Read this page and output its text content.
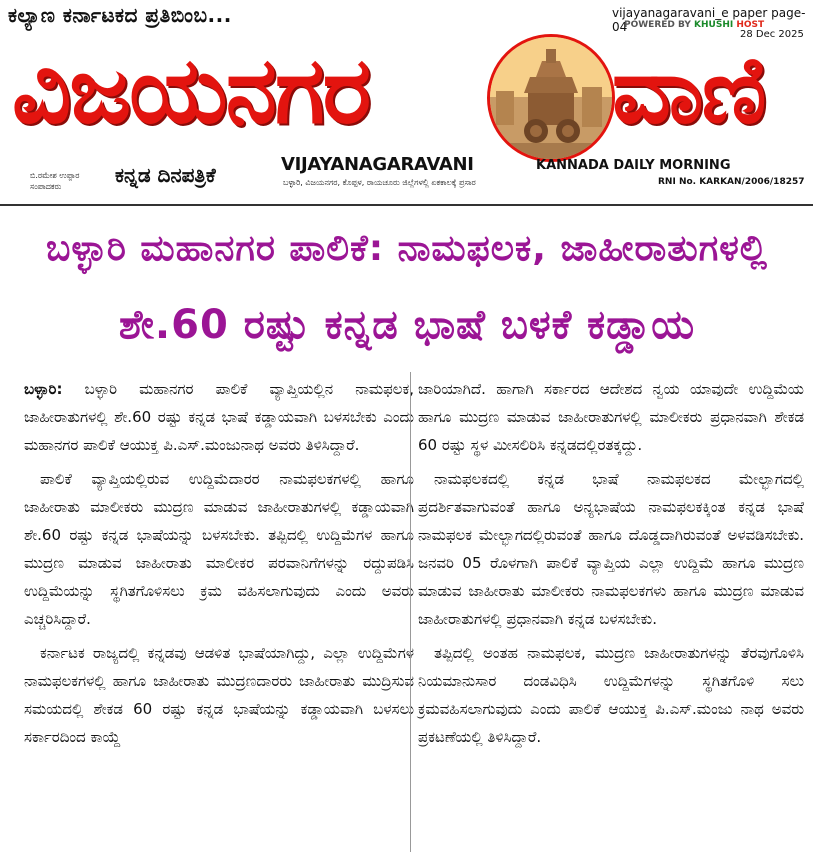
ಕಲ್ಯಾಣ ಕರ್ನಾಟಕದ ಪ್ರತಿಬಿಂಬ...	vijayanagaravani_e paper page-04
POWERED BY KHUSHI HOST
28 Dec 2025
ವಿಜಯನಗರ	ವಾಣಿ
ಬಿ.ರಮೇಶ ಉಪ್ಪಾರ
ಸಂಪಾದಕರು	ಕನ್ನಡ ದಿನಪತ್ರಿಕೆ	VIJAYANAGARAVANI	KANNADA DAILY MORNING
ಬಳ್ಳಾರಿ, ವಿಜಯನಗರ, ಕೊಪ್ಪಳ, ರಾಯಚೂರು ಜಿಲ್ಲೆಗಳಲ್ಲಿ ಏಕಕಾಲಕ್ಕೆ ಪ್ರಸಾರ	RNI No. KARKAN/2006/18257
ಬಳ್ಳಾರಿ ಮಹಾನಗರ ಪಾಲಿಕೆ: ನಾಮಫಲಕ, ಜಾಹೀರಾತುಗಳಲ್ಲಿ
ಶೇ.60 ರಷ್ಟು ಕನ್ನಡ ಭಾಷೆ ಬಳಕೆ ಕಡ್ಡಾಯ

ಬಳ್ಳಾರಿ: ಬಳ್ಳಾರಿ ಮಹಾನಗರ ಪಾಲಿಕೆ ವ್ಯಾಪ್ತಿಯಲ್ಲಿನ ನಾಮಫಲಕ, ಜಾಹೀರಾತುಗಳಲ್ಲಿ ಶೇ.60 ರಷ್ಟು ಕನ್ನಡ ಭಾಷೆ ಕಡ್ಡಾಯವಾಗಿ ಬಳಸಬೇಕು ಎಂದು ಮಹಾನಗರ ಪಾಲಿಕೆ ಆಯುಕ್ತ ಪಿ.ಎಸ್.ಮಂಜುನಾಥ ಅವರು ತಿಳಿಸಿದ್ದಾರೆ.

ಪಾಲಿಕೆ ವ್ಯಾಪ್ತಿಯಲ್ಲಿರುವ ಉದ್ದಿಮೆದಾರರ ನಾಮಫಲಕಗಳಲ್ಲಿ ಹಾಗೂ ಜಾಹೀರಾತು ಮಾಲೀಕರು ಮುದ್ರಣ ಮಾಡುವ ಜಾಹೀರಾತುಗಳಲ್ಲಿ ಕಡ್ಡಾಯವಾಗಿ ಶೇ.60 ರಷ್ಟು ಕನ್ನಡ ಭಾಷೆಯನ್ನು ಬಳಸಬೇಕು. ತಪ್ಪಿದಲ್ಲಿ ಉದ್ದಿಮೆಗಳ ಹಾಗೂ ಮುದ್ರಣ ಮಾಡುವ ಜಾಹೀರಾತು ಮಾಲೀಕರ ಪರವಾನಿಗೆಗಳನ್ನು ರದ್ದುಪಡಿಸಿ ಉದ್ದಿಮೆಯನ್ನು ಸ್ಥಗಿತಗೊಳಿಸಲು ಕ್ರಮ ವಹಿಸಲಾಗುವುದು ಎಂದು ಅವರು ಎಚ್ಚರಿಸಿದ್ದಾರೆ.

ಕರ್ನಾಟಕ ರಾಜ್ಯದಲ್ಲಿ ಕನ್ನಡವು ಆಡಳಿತ ಭಾಷೆಯಾಗಿದ್ದು, ಎಲ್ಲಾ ಉದ್ದಿಮೆಗಳ ನಾಮಫಲಕಗಳಲ್ಲಿ ಹಾಗೂ ಜಾಹೀರಾತು ಮುದ್ರಣದಾರರು ಜಾಹೀರಾತು ಮುದ್ರಿಸುವ ಸಮಯದಲ್ಲಿ ಶೇಕಡ 60 ರಷ್ಟು ಕನ್ನಡ ಭಾಷೆಯನ್ನು ಕಡ್ಡಾಯವಾಗಿ ಬಳಸಲು ಸರ್ಕಾರದಿಂದ ಕಾಯ್ದೆ

ಜಾರಿಯಾಗಿದೆ. ಹಾಗಾಗಿ ಸರ್ಕಾರದ ಆದೇಶದ ನ್ವಯ ಯಾವುದೇ ಉದ್ದಿಮೆಯ ಹಾಗೂ ಮುದ್ರಣ ಮಾಡುವ ಜಾಹೀರಾತುಗಳಲ್ಲಿ ಮಾಲೀಕರು ಪ್ರಧಾನವಾಗಿ ಶೇಕಡ 60 ರಷ್ಟು ಸ್ಥಳ ಮೀಸಲಿರಿಸಿ ಕನ್ನಡದಲ್ಲಿರತಕ್ಕದ್ದು.

ನಾಮಫಲಕದಲ್ಲಿ ಕನ್ನಡ ಭಾಷೆ ನಾಮಫಲಕದ ಮೇಲ್ಭಾಗದಲ್ಲಿ ಪ್ರದರ್ಶಿತವಾಗುವಂತೆ ಹಾಗೂ ಅನ್ಯಭಾಷೆಯ ನಾಮಫಲಕಕ್ಕಿಂತ ಕನ್ನಡ ಭಾಷೆ ನಾಮಫಲಕ ಮೇಲ್ಭಾಗದಲ್ಲಿರುವಂತೆ ಹಾಗೂ ದೊಡ್ಡದಾಗಿರುವಂತೆ ಅಳವಡಿಸಬೇಕು. ಜನವರಿ 05 ರೊಳಗಾಗಿ ಪಾಲಿಕೆ ವ್ಯಾಪ್ತಿಯ ಎಲ್ಲಾ ಉದ್ದಿಮೆ ಹಾಗೂ ಮುದ್ರಣ ಮಾಡುವ ಜಾಹೀರಾತು ಮಾಲೀಕರು ನಾಮಫಲಕಗಳು ಹಾಗೂ ಮುದ್ರಣ ಮಾಡುವ ಜಾಹೀರಾತುಗಳಲ್ಲಿ ಪ್ರಧಾನವಾಗಿ ಕನ್ನಡ ಬಳಸಬೇಕು.

ತಪ್ಪಿದಲ್ಲಿ ಅಂತಹ ನಾಮಫಲಕ, ಮುದ್ರಣ ಜಾಹೀರಾತುಗಳನ್ನು ತೆರವುಗೊಳಿಸಿ ನಿಯಮಾನುಸಾರ ದಂಡವಿಧಿಸಿ ಉದ್ದಿಮೆಗಳನ್ನು ಸ್ಥಗಿತಗೊಳಿ ಸಲು ಕ್ರಮವಹಿಸಲಾಗುವುದು ಎಂದು ಪಾಲಿಕೆ ಆಯುಕ್ತ ಪಿ.ಎಸ್.ಮಂಜು ನಾಥ ಅವರು ಪ್ರಕಟಣೆಯಲ್ಲಿ ತಿಳಿಸಿದ್ದಾರೆ.
